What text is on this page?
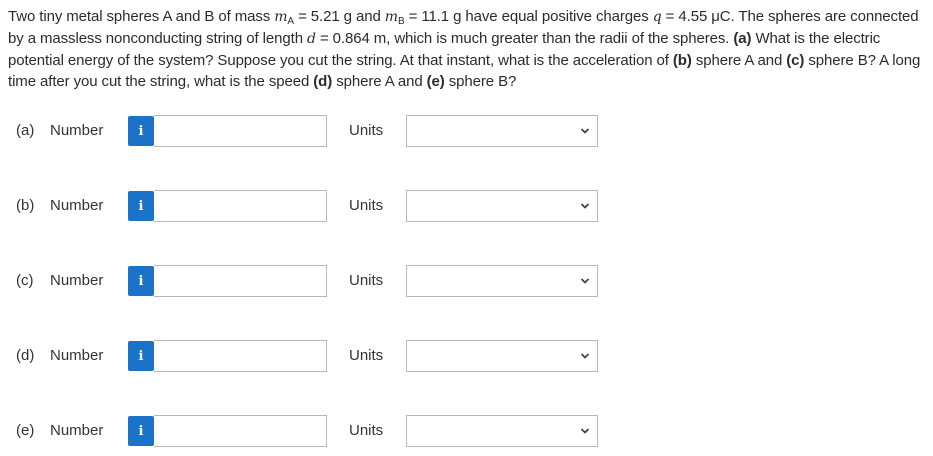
Two tiny metal spheres A and B of mass $m_A = 5.21$ g and $m_B = 11.1$ g have equal positive charges q = 4.55 μC. The spheres are connected by a massless nonconducting string of length d = 0.864 m, which is much greater than the radii of the spheres. (a) What is the electric potential energy of the system? Suppose you cut the string. At that instant, what is the acceleration of (b) sphere A and (c) sphere B? A long time after you cut the string, what is the speed (d) sphere A and (e) sphere B?
(a) Number	i	Units
(b) Number	i	Units
(c) Number	i	Units
(d) Number	i	Units
(e) Number	i	Units
